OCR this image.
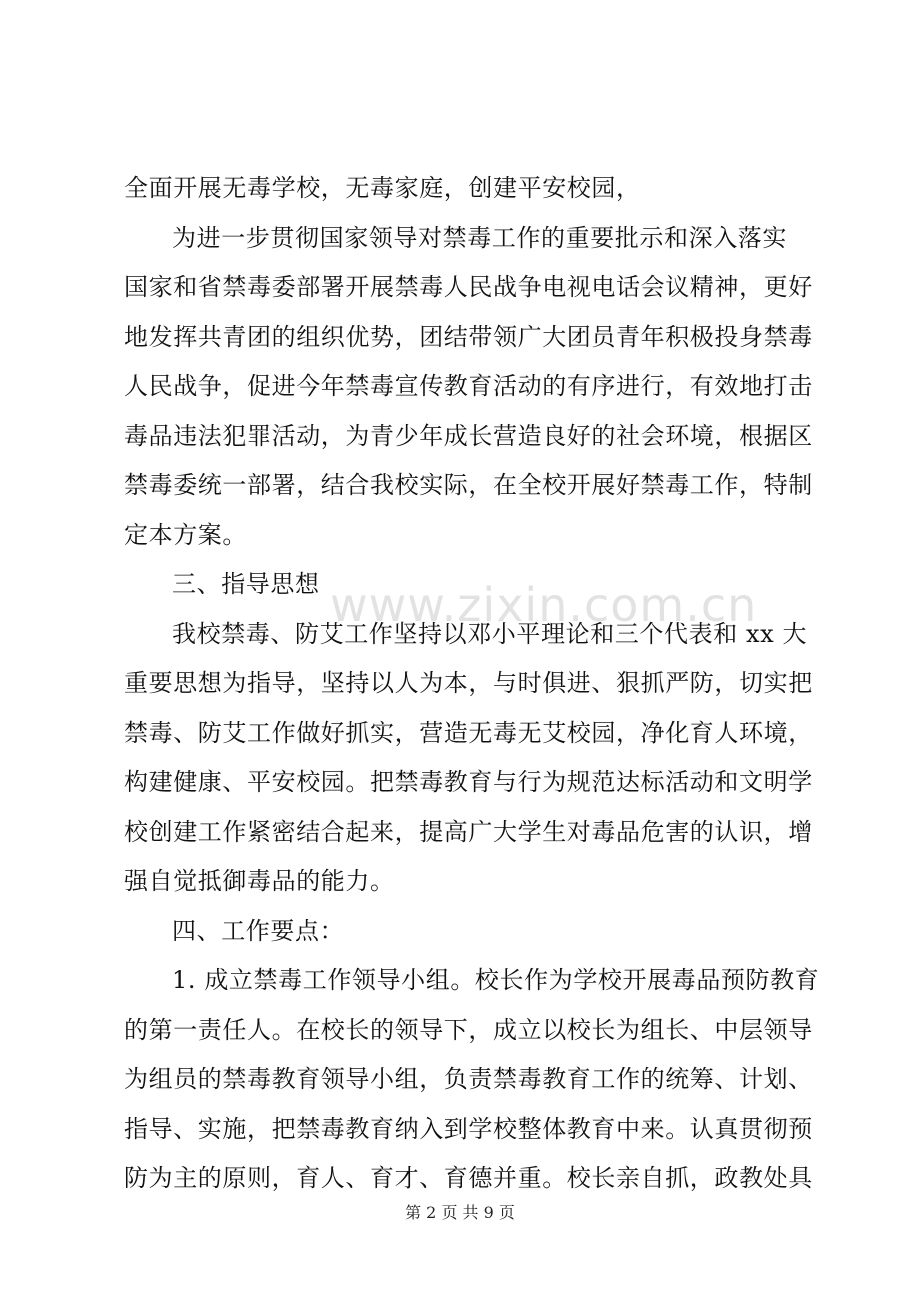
www.zixin.com.cn
全面开展无毒学校，无毒家庭，创建平安校园，
为进一步贯彻国家领导对禁毒工作的重要批示和深入落实
国家和省禁毒委部署开展禁毒人民战争电视电话会议精神，更好
地发挥共青团的组织优势，团结带领广大团员青年积极投身禁毒
人民战争，促进今年禁毒宣传教育活动的有序进行，有效地打击
毒品违法犯罪活动，为青少年成长营造良好的社会环境，根据区
禁毒委统一部署，结合我校实际，在全校开展好禁毒工作，特制
定本方案。
三、指导思想
我校禁毒、防艾工作坚持以邓小平理论和三个代表和 xx 大
重要思想为指导，坚持以人为本，与时俱进、狠抓严防，切实把
禁毒、防艾工作做好抓实，营造无毒无艾校园，净化育人环境，
构建健康、平安校园。把禁毒教育与行为规范达标活动和文明学
校创建工作紧密结合起来，提高广大学生对毒品危害的认识，增
强自觉抵御毒品的能力。
四、工作要点：
1. 成立禁毒工作领导小组。校长作为学校开展毒品预防教育
的第一责任人。在校长的领导下，成立以校长为组长、中层领导
为组员的禁毒教育领导小组，负责禁毒教育工作的统筹、计划、
指导、实施，把禁毒教育纳入到学校整体教育中来。认真贯彻预
防为主的原则，育人、育才、育德并重。校长亲自抓，政教处具
第 2 页 共 9 页
